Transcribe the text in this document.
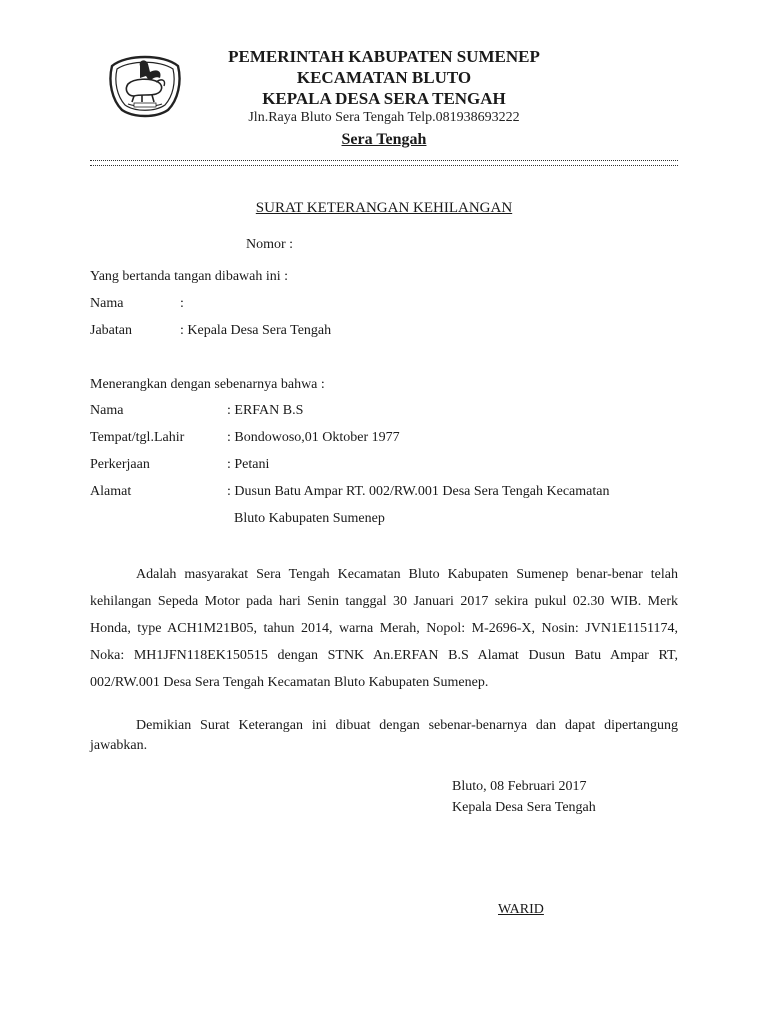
PEMERINTAH KABUPATEN SUMENEP
KECAMATAN BLUTO
KEPALA DESA SERA TENGAH
Jln.Raya Bluto Sera Tengah Telp.081938693222
Sera Tengah
SURAT KETERANGAN KEHILANGAN
Nomor :
Yang bertanda tangan dibawah ini :
Nama	:
Jabatan	: Kepala Desa Sera Tengah
Menerangkan dengan sebenarnya bahwa :
Nama	: ERFAN B.S
Tempat/tgl.Lahir	: Bondowoso,01 Oktober 1977
Perkerjaan	: Petani
Alamat	: Dusun Batu Ampar RT. 002/RW.001 Desa Sera Tengah Kecamatan
Bluto Kabupaten Sumenep
Adalah masyarakat Sera Tengah Kecamatan Bluto Kabupaten Sumenep benar-benar telah kehilangan Sepeda Motor pada hari Senin tanggal 30 Januari 2017 sekira pukul 02.30 WIB. Merk Honda, type ACH1M21B05, tahun 2014, warna Merah, Nopol: M-2696-X, Nosin: JVN1E1151174, Noka: MH1JFN118EK150515 dengan STNK An.ERFAN B.S Alamat Dusun Batu Ampar RT, 002/RW.001 Desa Sera Tengah Kecamatan Bluto Kabupaten Sumenep.
Demikian Surat Keterangan ini dibuat dengan sebenar-benarnya dan dapat dipertangung jawabkan.
Bluto, 08 Februari 2017
Kepala Desa Sera Tengah
WARID
